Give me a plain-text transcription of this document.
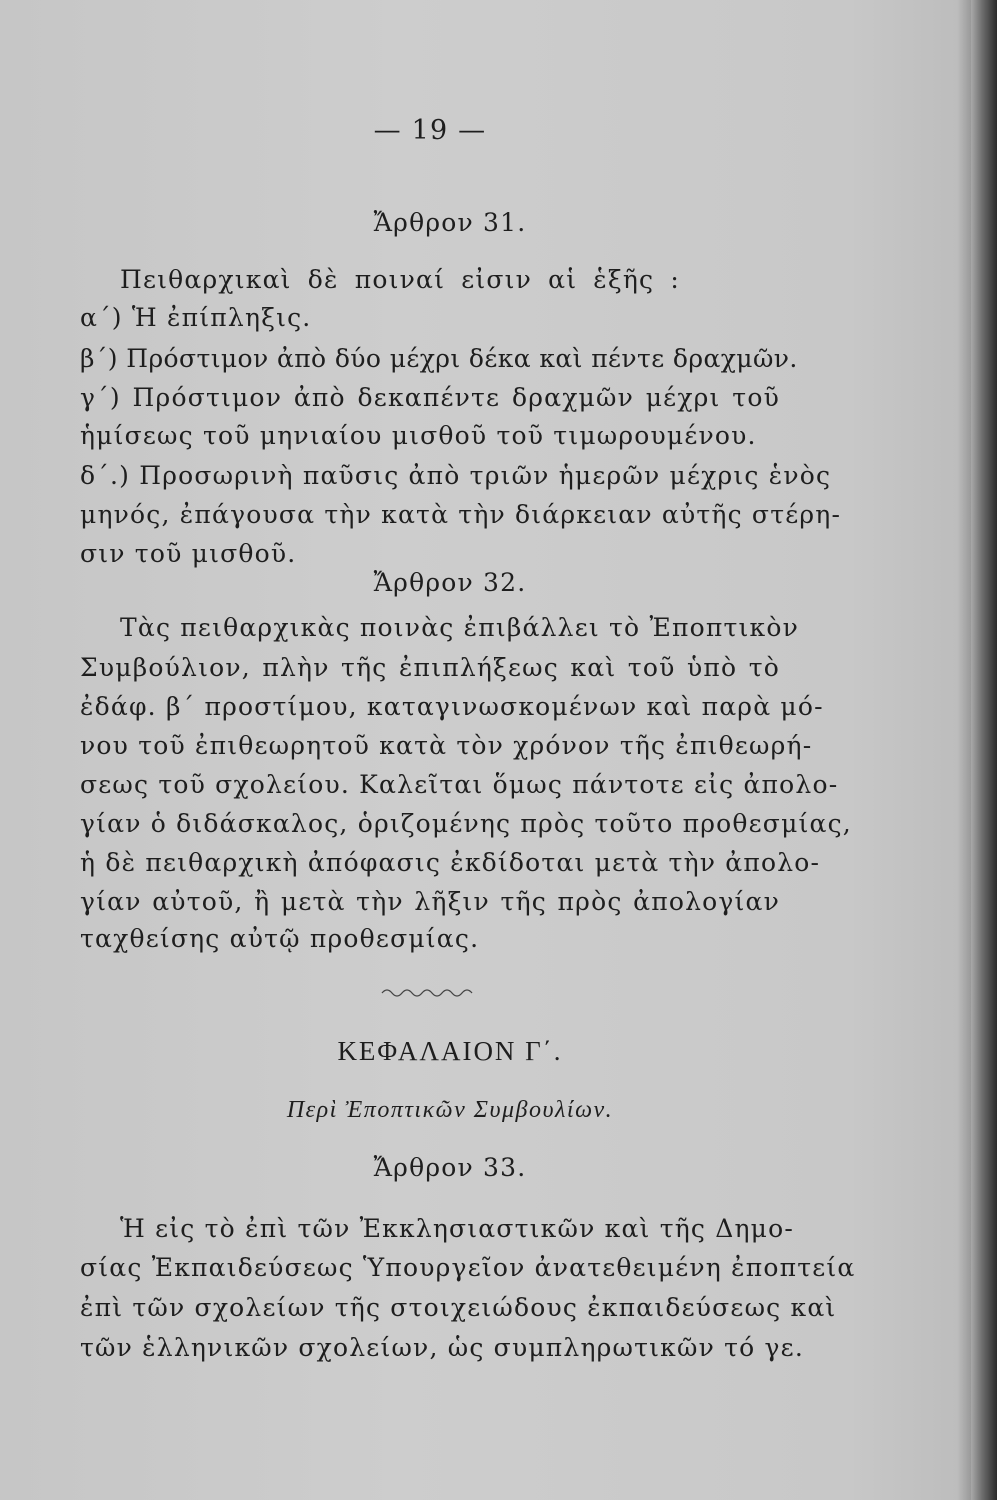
— 19 —
Ἄρθρον 31.
Πειθαρχικαὶ δὲ ποιναί εἰσιν αἱ ἑξῆς :
α΄) Ἡ ἐπίπληξις.
β΄) Πρόστιμον ἀπὸ δύο μέχρι δέκα καὶ πέντε δραχμῶν.
γ΄) Πρόστιμον ἀπὸ δεκαπέντε δραχμῶν μέχρι τοῦ
ἡμίσεως τοῦ μηνιαίου μισθοῦ τοῦ τιμωρουμένου.
δ΄.) Προσωρινὴ παῦσις ἀπὸ τριῶν ἡμερῶν μέχρις ἑνὸς
μηνός, ἐπάγουσα τὴν κατὰ τὴν διάρκειαν αὐτῆς στέρη-
σιν τοῦ μισθοῦ.
Ἄρθρον 32.
Τὰς πειθαρχικὰς ποινὰς ἐπιβάλλει τὸ Ἐποπτικὸν
Συμβούλιον, πλὴν τῆς ἐπιπλήξεως καὶ τοῦ ὑπὸ τὸ
ἐδάφ. β΄ προστίμου, καταγινωσκομένων καὶ παρὰ μό-
νου τοῦ ἐπιθεωρητοῦ κατὰ τὸν χρόνον τῆς ἐπιθεωρή-
σεως τοῦ σχολείου. Καλεῖται ὅμως πάντοτε εἰς ἀπολο-
γίαν ὁ διδάσκαλος, ὁριζομένης πρὸς τοῦτο προθεσμίας,
ἡ δὲ πειθαρχικὴ ἀπόφασις ἐκδίδοται μετὰ τὴν ἀπολο-
γίαν αὐτοῦ, ἢ μετὰ τὴν λῆξιν τῆς πρὸς ἀπολογίαν
ταχθείσης αὐτῷ προθεσμίας.
ΚΕΦΑΛΑΙΟΝ Γ΄.
Περὶ Ἐποπτικῶν Συμβουλίων.
Ἄρθρον 33.
Ἡ εἰς τὸ ἐπὶ τῶν Ἐκκλησιαστικῶν καὶ τῆς Δημο-
σίας Ἐκπαιδεύσεως Ὑπουργεῖον ἀνατεθειμένη ἐποπτεία
ἐπὶ τῶν σχολείων τῆς στοιχειώδους ἐκπαιδεύσεως καὶ
τῶν ἑλληνικῶν σχολείων, ὡς συμπληρωτικῶν τό γε.
